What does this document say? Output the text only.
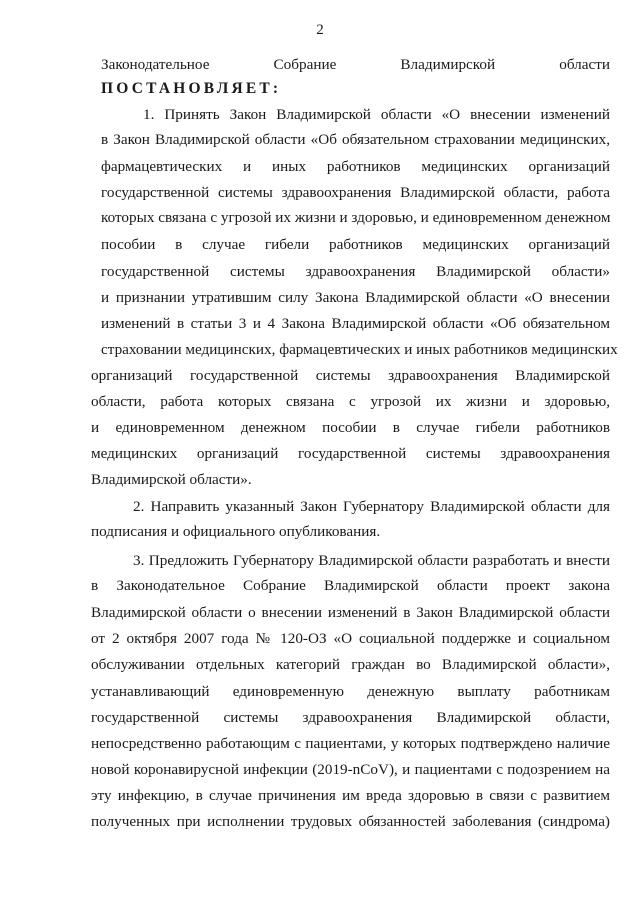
2
Законодательное Собрание Владимирской области
ПОСТАНОВЛЯЕТ:
1. Принять Закон Владимирской области «О внесении изменений
в Закон Владимирской области «Об обязательном страховании медицинских,
фармацевтических и иных работников медицинских организаций
государственной системы здравоохранения Владимирской области, работа
которых связана с угрозой их жизни и здоровью, и единовременном денежном
пособии в случае гибели работников медицинских организаций
государственной системы здравоохранения Владимирской области»
и признании утратившим силу Закона Владимирской области «О внесении
изменений в статьи 3 и 4 Закона Владимирской области «Об обязательном
страховании медицинских, фармацевтических и иных работников медицинских
организаций государственной системы здравоохранения Владимирской
области, работа которых связана с угрозой их жизни и здоровью,
и единовременном денежном пособии в случае гибели работников
медицинских организаций государственной системы здравоохранения
Владимирской области».
2. Направить указанный Закон Губернатору Владимирской области для
подписания и официального опубликования.
3. Предложить Губернатору Владимирской области разработать и внести
в Законодательное Собрание Владимирской области проект закона
Владимирской области о внесении изменений в Закон Владимирской области
от 2 октября 2007 года № 120-ОЗ «О социальной поддержке и социальном
обслуживании отдельных категорий граждан во Владимирской области»,
устанавливающий единовременную денежную выплату работникам
государственной системы здравоохранения Владимирской области,
непосредственно работающим с пациентами, у которых подтверждено наличие
новой коронавирусной инфекции (2019-nCoV), и пациентами с подозрением на
эту инфекцию, в случае причинения им вреда здоровью в связи с развитием
полученных при исполнении трудовых обязанностей заболевания (синдрома)
